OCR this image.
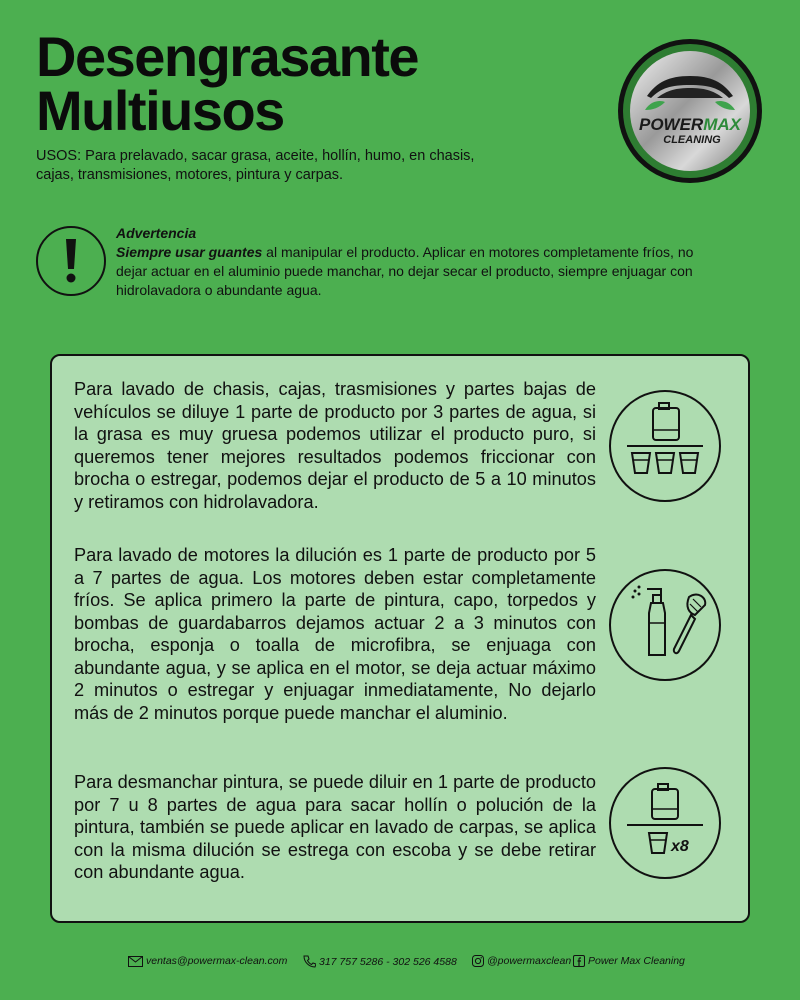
Desengrasante
Multiusos
USOS: Para prelavado, sacar grasa, aceite, hollín, humo, en chasis, cajas, transmisiones, motores, pintura y carpas.
POWERMAX
CLEANING
Advertencia
Siempre usar guantes al manipular el producto. Aplicar en motores completamente fríos, no dejar actuar en el aluminio puede manchar, no dejar secar el producto, siempre enjuagar con hidrolavadora o abundante agua.
Para lavado de chasis, cajas, trasmisiones y partes bajas de vehículos se diluye 1 parte de producto por 3 partes de agua, si la grasa es muy gruesa podemos utilizar el producto puro, si queremos tener mejores resultados podemos friccionar con brocha o estregar, podemos dejar el producto de 5 a 10 minutos y retiramos con hidrolavadora.
Para lavado de motores la dilución es 1 parte de producto por 5 a 7 partes de agua. Los motores deben estar completamente fríos. Se aplica primero la parte de pintura, capo, torpedos y bombas de guardabarros dejamos actuar 2 a 3 minutos con brocha, esponja o toalla de microfibra, se enjuaga con abundante agua, y se aplica en el motor, se deja actuar máximo 2 minutos o estregar y enjuagar inmediatamente, No dejarlo más de 2 minutos porque puede manchar el aluminio.
Para desmanchar pintura, se puede diluir en 1 parte de producto por 7 u 8 partes de agua para sacar hollín o polución de la pintura, también se puede aplicar en lavado de carpas, se aplica con la misma dilución se estrega con escoba y se debe retirar con abundante agua.
x8
ventas@powermax-clean.com	317 757 5286 - 302 526 4588	@powermaxclean Power Max Cleaning
